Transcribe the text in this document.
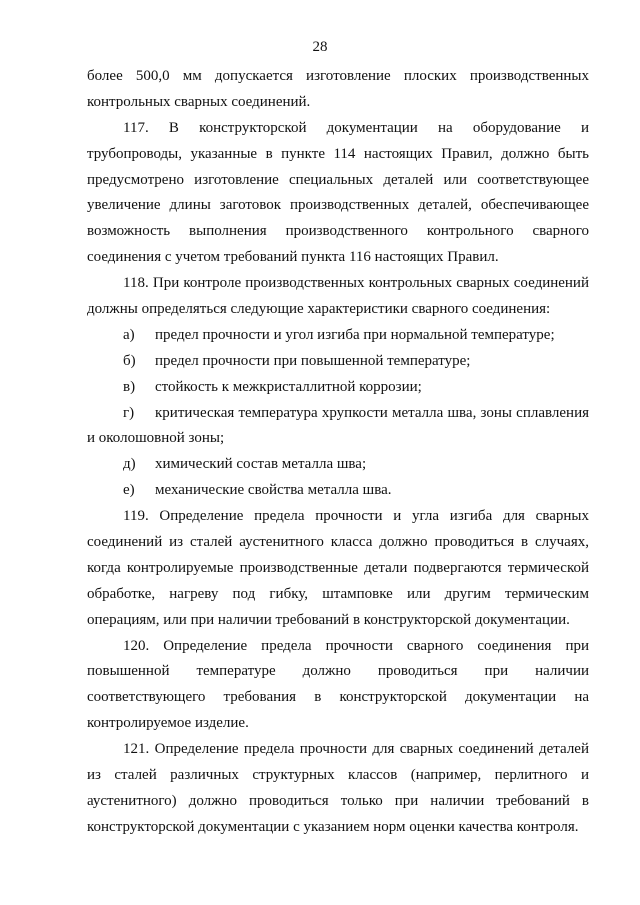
28
более 500,0 мм допускается изготовление плоских производственных
контрольных сварных соединений.
117. В конструкторской документации на оборудование и
трубопроводы, указанные в пункте 114 настоящих Правил, должно быть
предусмотрено изготовление специальных деталей или соответствующее
увеличение длины заготовок производственных деталей, обеспечивающее
возможность выполнения производственного контрольного сварного
соединения с учетом требований пункта 116 настоящих Правил.
118. При контроле производственных контрольных сварных соединений
должны определяться следующие характеристики сварного соединения:
а) предел прочности и угол изгиба при нормальной температуре;
б) предел прочности при повышенной температуре;
в) стойкость к межкристаллитной коррозии;
г)	критическая температура хрупкости металла шва, зоны сплавления
и околошовной зоны;
д) химический состав металла шва;
е) механические свойства металла шва.
119. Определение предела прочности и угла изгиба для сварных
соединений из сталей аустенитного класса должно проводиться в случаях,
когда контролируемые производственные детали подвергаются термической
обработке, нагреву под гибку, штамповке или другим термическим
операциям, или при наличии требований в конструкторской документации.
120. Определение предела прочности сварного соединения при
повышенной температуре должно проводиться при наличии
соответствующего требования в конструкторской документации на
контролируемое изделие.
121. Определение предела прочности для сварных соединений деталей
из сталей различных структурных классов (например, перлитного и
аустенитного) должно проводиться только при наличии требований в
конструкторской документации с указанием норм оценки качества контроля.
